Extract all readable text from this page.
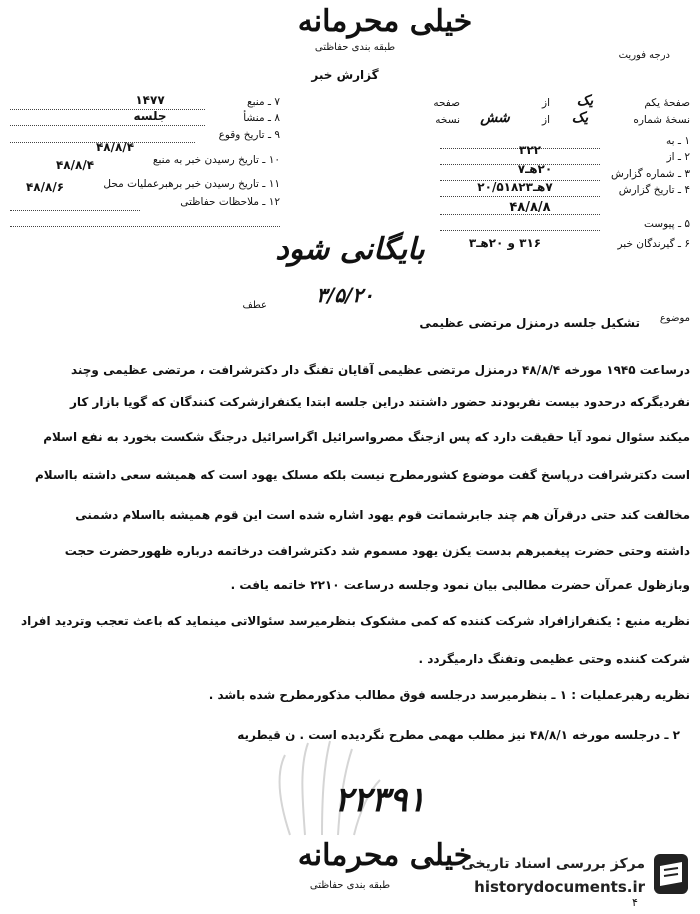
خیلی محرمانه
طبقه بندی حفاظتی
درجه فوریت
گزارش خبر
صفحهٔ یکم
یک
از
صفحه
نسخهٔ شماره
یک
از
شش
نسخه
۱ ـ به
۲ ـ از
۳۲۲
۳ ـ شماره گزارش
۲۰هـ۷
۴ ـ تاریخ گزارش
۷هـ۲۰/۵۱۸۲۳
۵ ـ پیوست
۴۸/۸/۸
۶ ـ گیرندگان خبر
۳۱۶ و ۲۰هـ۳
۷ ـ منبع
۱۴۷۷
۸ ـ منشأ
جلسه
۹ ـ تاریخ وقوع
۴۸/۸/۴
۱۰ ـ تاریخ رسیدن خبر به منبع
۴۸/۸/۴
۱۱ ـ تاریخ رسیدن خبر برهبرعملیات محل
۴۸/۸/۶
۱۲ ـ ملاحظات حفاظتی
بایگانی شود
۳/۵/۲۰
عطف
موضوع
تشکیل جلسه درمنزل مرتضی عظیمی
درساعت ۱۹۴۵ مورخه ۴۸/۸/۴ درمنزل مرتضی عظیمی آقایان تفنگ دار دکترشرافت ، مرتضی عظیمی وچند
نفردیگرکه درحدود بیست نفربودند حضور داشتند دراین جلسه ابتدا یکنفرازشرکت کنندگان که گویا بازار کار
میکند سئوال نمود آیا حقیقت دارد که پس ازجنگ مصرواسرائیل اگراسرائیل درجنگ شکست بخورد به نفع اسلام
است دکترشرافت درپاسخ گفت موضوع کشورمطرح نیست بلکه مسلک یهود است که همیشه سعی داشته بااسلام
مخالفت کند حتی درقرآن هم چند جابرشماتت قوم یهود اشاره شده است این قوم همیشه بااسلام دشمنی
داشته وحتی حضرت پیغمبرهم بدست یکزن یهود مسموم شد دکترشرافت درخاتمه درباره ظهورحضرت حجت
وبازظول عمرآن حضرت مطالبی بیان نمود وجلسه درساعت ۲۲۱۰ خاتمه یافت .
نظریه منبع : یکنفرازافراد شرکت کننده که کمی مشکوک بنظرمیرسد سئوالاتی مینماید که باعث تعجب وتردید افراد
شرکت کننده وحتی عظیمی وتفنگ دارمیگردد .
نظریه رهبرعملیات : ۱ ـ بنظرمیرسد درجلسه فوق مطالب مذکورمطرح شده باشد .
۲ ـ درجلسه مورخه ۴۸/۸/۱ نیز مطلب مهمی مطرح نگردیده است . ن قیطریه
۲۲۳۹۱
خیلی محرمانه
طبقه بندی حفاظتی
مرکز بررسی اسناد تاریخی
historydocuments.ir
۴
